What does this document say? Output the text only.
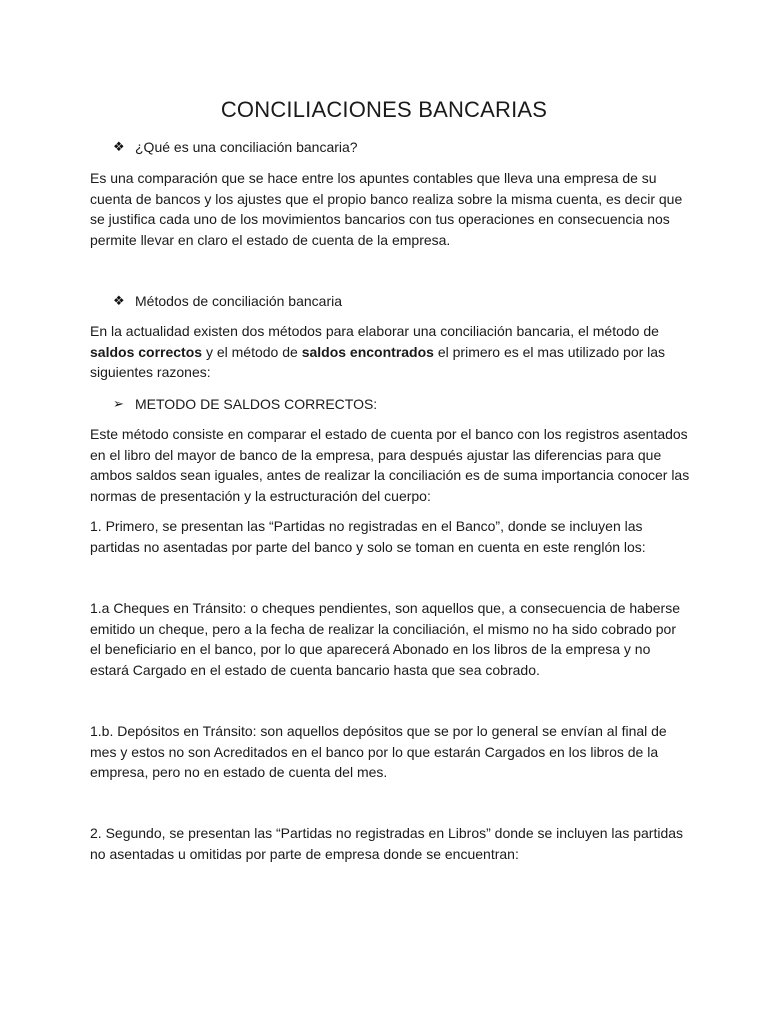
CONCILIACIONES BANCARIAS
❖ ¿Qué es una conciliación bancaria?
Es una comparación que se hace entre los apuntes contables que lleva una empresa de su
cuenta de bancos y los ajustes que el propio banco realiza sobre la misma cuenta, es decir que
se justifica cada uno de los movimientos bancarios con tus operaciones en consecuencia nos
permite llevar en claro el estado de cuenta de la empresa.
❖ Métodos de conciliación bancaria
En la actualidad existen dos métodos para elaborar una conciliación bancaria, el método de
saldos correctos y el método de saldos encontrados el primero es el mas utilizado por las
siguientes razones:
➢ METODO DE SALDOS CORRECTOS:
Este método consiste en comparar el estado de cuenta por el banco con los registros asentados
en el libro del mayor de banco de la empresa, para después ajustar las diferencias para que
ambos saldos sean iguales, antes de realizar la conciliación es de suma importancia conocer las
normas de presentación y la estructuración del cuerpo:
1. Primero, se presentan las “Partidas no registradas en el Banco”, donde se incluyen las
partidas no asentadas por parte del banco y solo se toman en cuenta en este renglón los:
1.a Cheques en Tránsito: o cheques pendientes, son aquellos que, a consecuencia de haberse
emitido un cheque, pero a la fecha de realizar la conciliación, el mismo no ha sido cobrado por
el beneficiario en el banco, por lo que aparecerá Abonado en los libros de la empresa y no
estará Cargado en el estado de cuenta bancario hasta que sea cobrado.
1.b. Depósitos en Tránsito: son aquellos depósitos que se por lo general se envían al final de
mes y estos no son Acreditados en el banco por lo que estarán Cargados en los libros de la
empresa, pero no en estado de cuenta del mes.
2. Segundo, se presentan las “Partidas no registradas en Libros” donde se incluyen las partidas
no asentadas u omitidas por parte de empresa donde se encuentran:
